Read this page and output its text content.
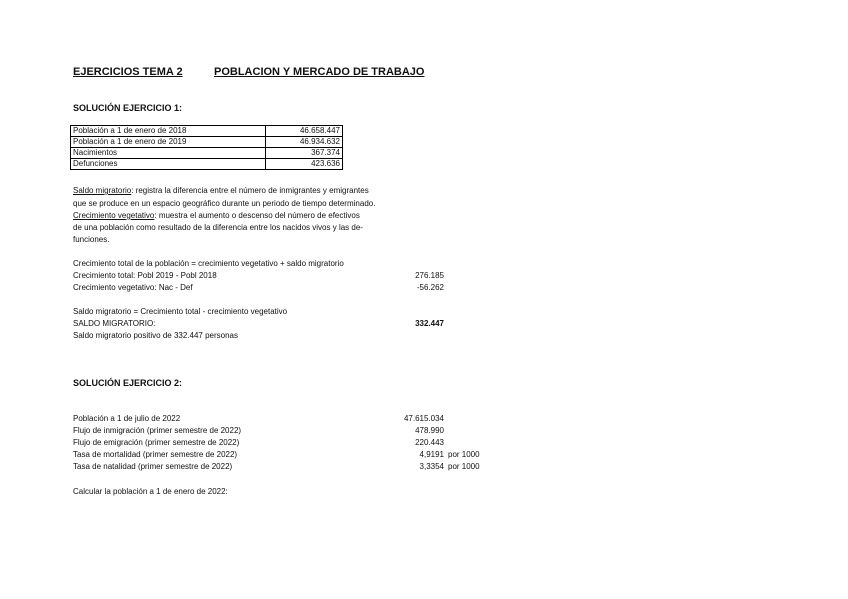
EJERCICIOS TEMA 2	POBLACION Y MERCADO DE TRABAJO
SOLUCIÓN EJERCICIO 1:
Población a 1 de enero de 2018	46.658.447
Población a 1 de enero de 2019	46.934.632
Nacimientos	367.374
Defunciones	423.636
Saldo migratorio: registra la diferencia entre el número de inmigrantes y emigrantes
que se produce en un espacio geográfico durante un periodo de tiempo determinado.
Crecimiento vegetativo: muestra el aumento o descenso del número de efectivos
de una población como resultado de la diferencia entre los nacidos vivos y las de-
funciones.
Crecimiento total de la población = crecimiento vegetativo + saldo migratorio
Crecimiento total: Pobl 2019 - Pobl 2018	276.185
Crecimiento vegetativo: Nac - Def	-56.262
Saldo migratorio = Crecimiento total - crecimiento vegetativo
SALDO MIGRATORIO:	332.447
Saldo migratorio positivo de 332.447 personas
SOLUCIÓN EJERCICIO 2:
Población a 1 de julio de 2022	47.615.034
Flujo de inmigración (primer semestre de 2022)	478.990
Flujo de emigración (primer semestre de 2022)	220.443
Tasa de mortalidad (primer semestre de 2022)	4,9191 por 1000
Tasa de natalidad (primer semestre de 2022)	3,3354 por 1000
Calcular la población a 1 de enero de 2022:
